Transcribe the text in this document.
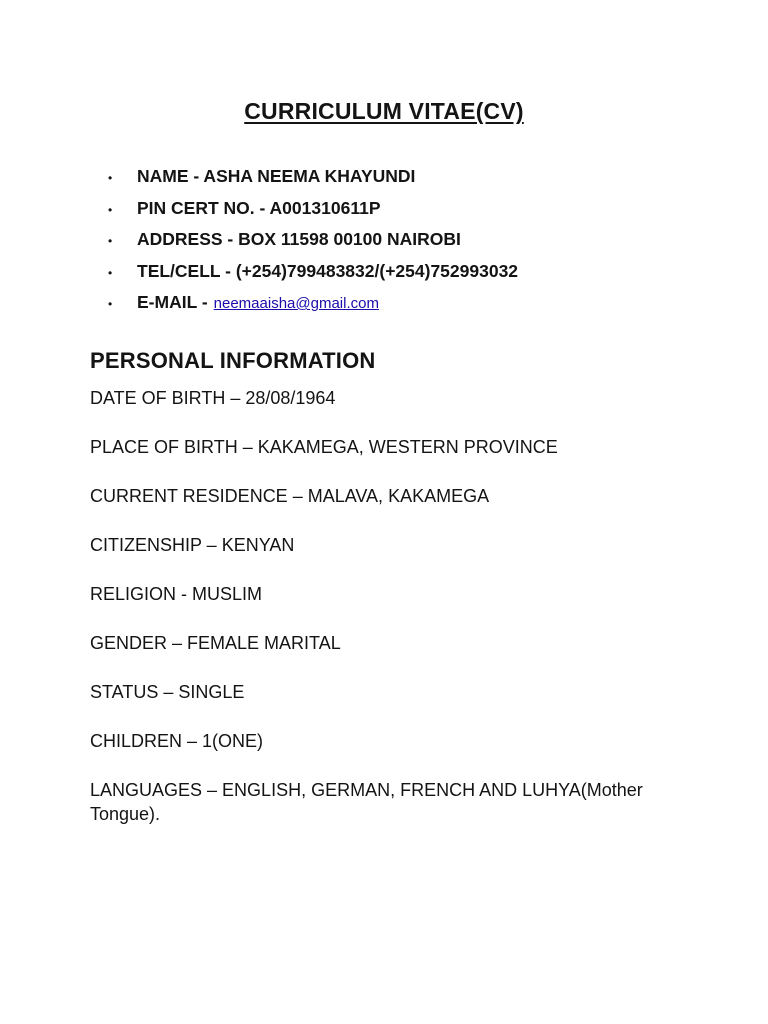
CURRICULUM VITAE(CV)
•	NAME - ASHA NEEMA KHAYUNDI
•	PIN CERT NO. - A001310611P
•	ADDRESS - BOX 11598 00100 NAIROBI
•	TEL/CELL - (+254)799483832/(+254)752993032
•	E-MAIL - neemaaisha@gmail.com
PERSONAL INFORMATION

DATE OF BIRTH – 28/08/1964

PLACE OF BIRTH – KAKAMEGA, WESTERN PROVINCE

CURRENT RESIDENCE – MALAVA, KAKAMEGA

CITIZENSHIP – KENYAN

RELIGION - MUSLIM

GENDER – FEMALE MARITAL

STATUS – SINGLE

CHILDREN – 1(ONE)

LANGUAGES – ENGLISH, GERMAN, FRENCH AND LUHYA(Mother Tongue).
